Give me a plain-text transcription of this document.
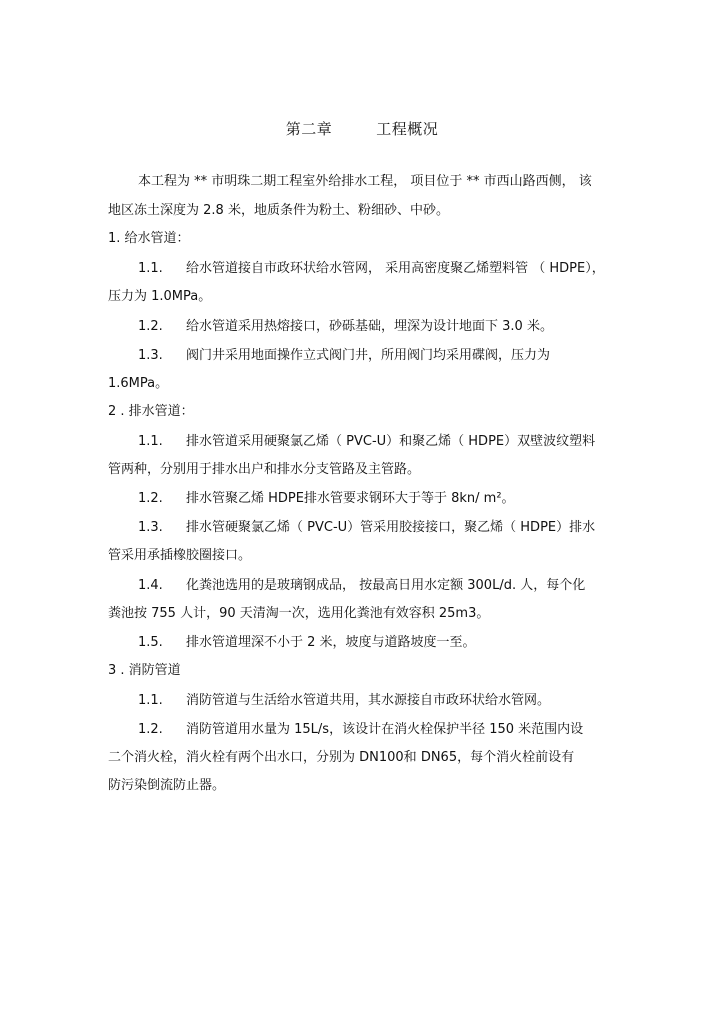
第二章	工程概况
本工程为 ** 市明珠二期工程室外给排水工程， 项目位于 ** 市西山路西侧， 该
地区冻土深度为 2.8 米，地质条件为粉土、粉细砂、中砂。
1. 给水管道：
1.1. 给水管道接自市政环状给水管网， 采用高密度聚乙烯塑料管 （ HDPE），
压力为 1.0MPa。
1.2. 给水管道采用热熔接口，砂砾基础，埋深为设计地面下 3.0 米。
1.3. 阀门井采用地面操作立式阀门井，所用阀门均采用碟阀，压力为
1.6MPa。
2 . 排水管道：
1.1. 排水管道采用硬聚氯乙烯（ PVC-U）和聚乙烯（ HDPE）双壁波纹塑料
管两种，分别用于排水出户和排水分支管路及主管路。
1.2. 排水管聚乙烯 HDPE排水管要求钢环大于等于 8kn/ m²。
1.3. 排水管硬聚氯乙烯（ PVC-U）管采用胶接接口，聚乙烯（ HDPE）排水
管采用承插橡胶圈接口。
1.4. 化粪池选用的是玻璃钢成品， 按最高日用水定额 300L/d. 人，每个化
粪池按 755 人计，90 天清淘一次，选用化粪池有效容积 25m3。
1.5. 排水管道埋深不小于 2 米，坡度与道路坡度一至。
3 . 消防管道
1.1. 消防管道与生活给水管道共用，其水源接自市政环状给水管网。
1.2. 消防管道用水量为 15L/s，该设计在消火栓保护半径 150 米范围内设
二个消火栓，消火栓有两个出水口，分别为 DN100和 DN65，每个消火栓前设有
防污染倒流防止器。
